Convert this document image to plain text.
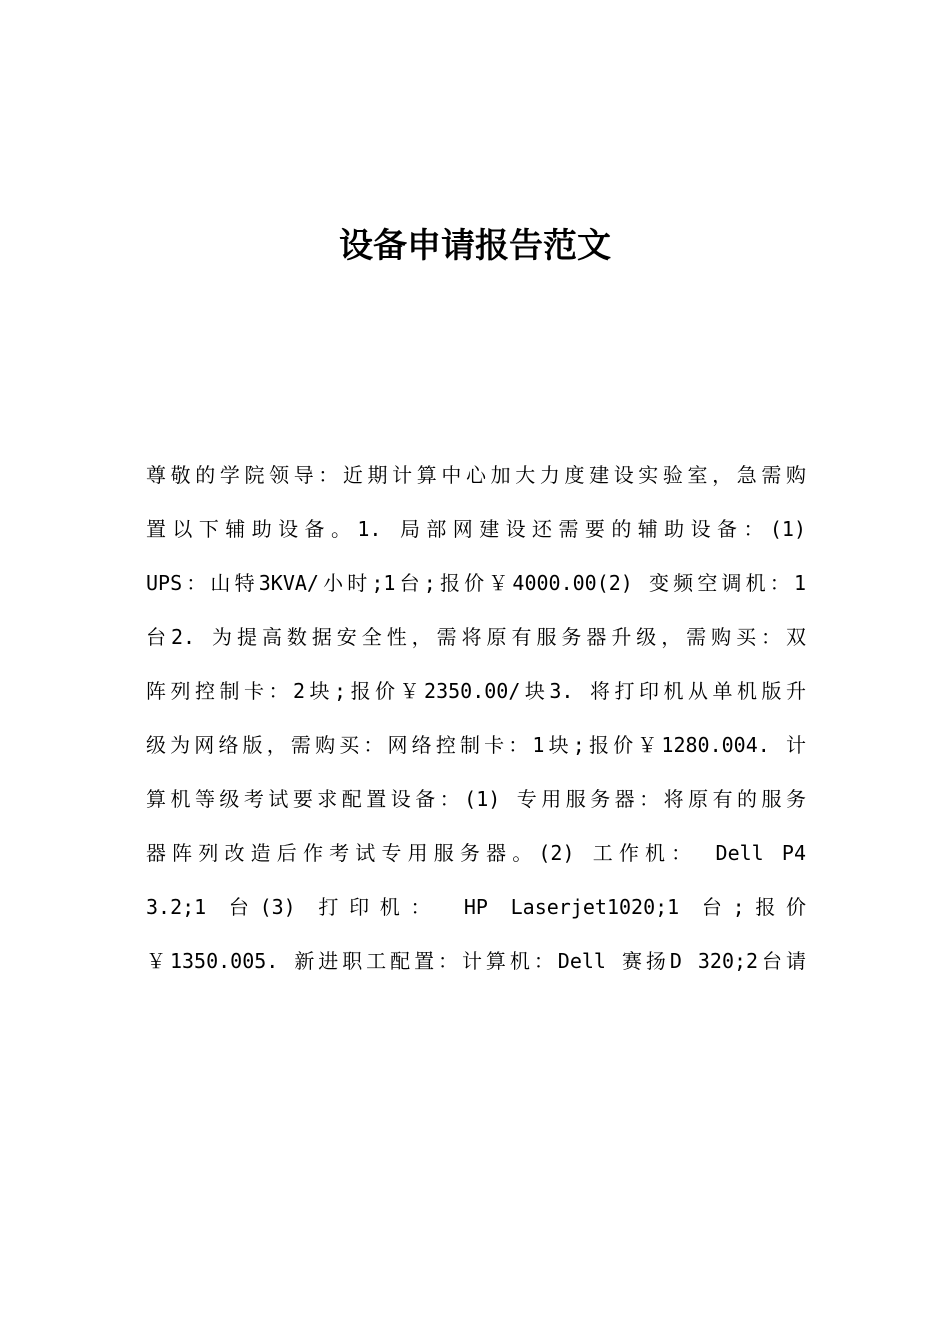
设备申请报告范文
尊敬的学院领导：近期计算中心加大力度建设实验室，急需购
置以下辅助设备。1. 局部网建设还需要的辅助设备：(1)
UPS：山特3KVA/小时;1台;报价￥4000.00(2) 变频空调机：1
台2. 为提高数据安全性，需将原有服务器升级，需购买：双
阵列控制卡：2块;报价￥2350.00/块3. 将打印机从单机版升
级为网络版，需购买：网络控制卡：1块;报价￥1280.004. 计
算机等级考试要求配置设备：(1) 专用服务器：将原有的服务
器阵列改造后作考试专用服务器。(2) 工作机： Dell P4
3.2;1 台(3) 打印机： HP Laserjet1020;1 台;报价
￥1350.005. 新进职工配置：计算机：Dell 赛扬D 320;2台请
